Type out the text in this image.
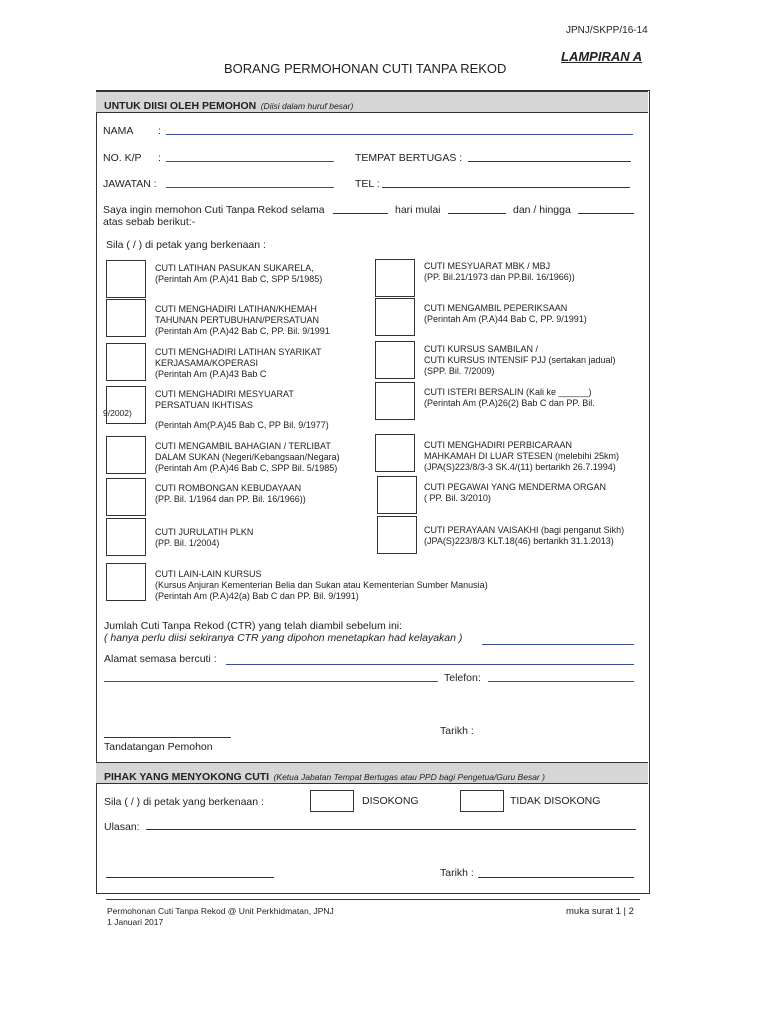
JPNJ/SKPP/16-14
LAMPIRAN A
BORANG PERMOHONAN CUTI TANPA REKOD
UNTUK DIISI OLEH PEMOHON (Diisi dalam huruf besar)
NAMA :
NO. K/P :	TEMPAT BERTUGAS :
JAWATAN :	TEL :
Saya ingin memohon Cuti Tanpa Rekod selama	hari mulai	dan / hingga
atas sebab berikut:-
Sila ( / ) di petak yang berkenaan :
CUTI LATIHAN PASUKAN SUKARELA,
(Perintah Am (P.A)41 Bab C, SPP 5/1985)
CUTI MENGHADIRI LATIHAN/KHEMAH
TAHUNAN PERTUBUHAN/PERSATUAN
(Perintah Am (P.A)42 Bab C, PP. Bil. 9/1991
CUTI MENGHADIRI LATIHAN SYARIKAT
KERJASAMA/KOPERASI
(Perintah Am (P.A)43 Bab C
CUTI MENGHADIRI MESYUARAT
PERSATUAN IKHTISAS
9/2002)
(Perintah Am(P.A)45 Bab C, PP Bil. 9/1977)
CUTI MENGAMBIL BAHAGIAN / TERLIBAT
DALAM SUKAN (Negeri/Kebangsaan/Negara)
(Perintah Am (P.A)46 Bab C, SPP Bil. 5/1985)
CUTI ROMBONGAN KEBUDAYAAN
(PP. Bil. 1/1964 dan PP. Bil. 16/1966))
CUTI JURULATIH PLKN
(PP. Bil. 1/2004)
CUTI MESYUARAT MBK / MBJ
(PP. Bil.21/1973 dan PP.Bil. 16/1966))
CUTI MENGAMBIL PEPERIKSAAN
(Perintah Am (P.A)44 Bab C, PP. 9/1991)
CUTI KURSUS SAMBILAN /
CUTI KURSUS INTENSIF PJJ (sertakan jadual)
(SPP. Bil. 7/2009)
CUTI ISTERI BERSALIN (Kali ke ______)
(Perintah Am (P.A)26(2) Bab C dan PP. Bil.
CUTI MENGHADIRI PERBICARAAN
MAHKAMAH DI LUAR STESEN (melebihi 25km)
(JPA(S)223/8/3-3 SK.4/(11) bertarikh 26.7.1994)
CUTI PEGAWAI YANG MENDERMA ORGAN
( PP. Bil. 3/2010)
CUTI PERAYAAN VAISAKHI (bagi penganut Sikh)
(JPA(S)223/8/3 KLT.18(46) bertarikh 31.1.2013)
CUTI LAIN-LAIN KURSUS
(Kursus Anjuran Kementerian Belia dan Sukan atau Kementerian Sumber Manusia)
(Perintah Am (P.A)42(a) Bab C dan PP. Bil. 9/1991)
Jumlah Cuti Tanpa Rekod (CTR) yang telah diambil sebelum ini:
( hanya perlu diisi sekiranya CTR yang dipohon menetapkan had kelayakan )
Alamat semasa bercuti :
Telefon:
Tarikh :
Tandatangan Pemohon
PIHAK YANG MENYOKONG CUTI (Ketua Jabatan Tempat Bertugas atau PPD bagi Pengetua/Guru Besar )
Sila ( / ) di petak yang berkenaan :	DISOKONG	TIDAK DISOKONG
Ulasan:
Tarikh :
Permohonan Cuti Tanpa Rekod @ Unit Perkhidmatan, JPNJ
1 Januari 2017
muka surat 1 | 2
